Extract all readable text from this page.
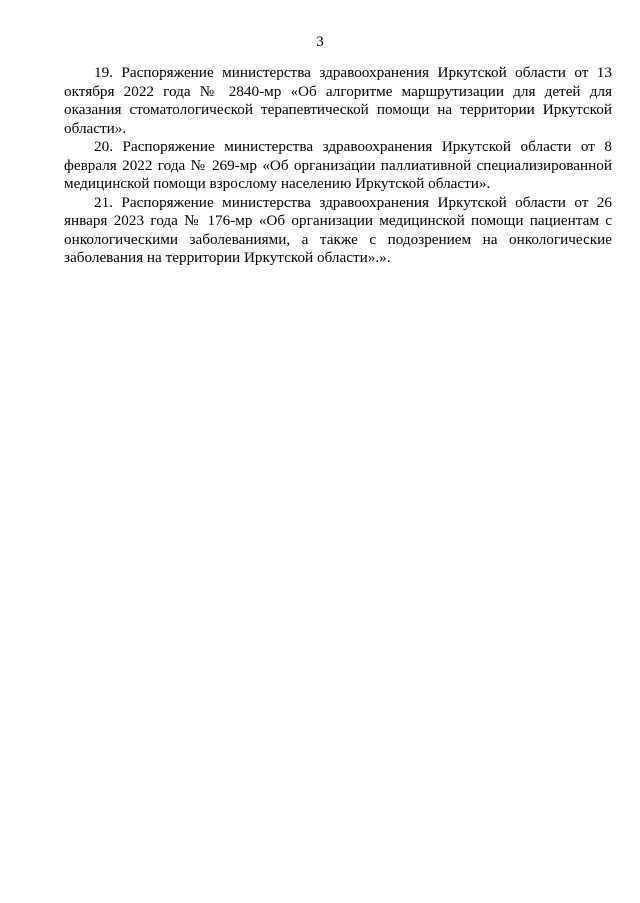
3

19. Распоряжение министерства здравоохранения Иркутской области от 13 октября 2022 года № 2840-мр «Об алгоритме маршрутизации для детей для оказания стоматологической терапевтической помощи на территории Иркутской области».

20. Распоряжение министерства здравоохранения Иркутской области от 8 февраля 2022 года № 269-мр «Об организации паллиативной специализированной медицинской помощи взрослому населению Иркутской области».

21. Распоряжение министерства здравоохранения Иркутской области от 26 января 2023 года № 176-мр «Об организации медицинской помощи пациентам с онкологическими заболеваниями, а также с подозрением на онкологические заболевания на территории Иркутской области».».
